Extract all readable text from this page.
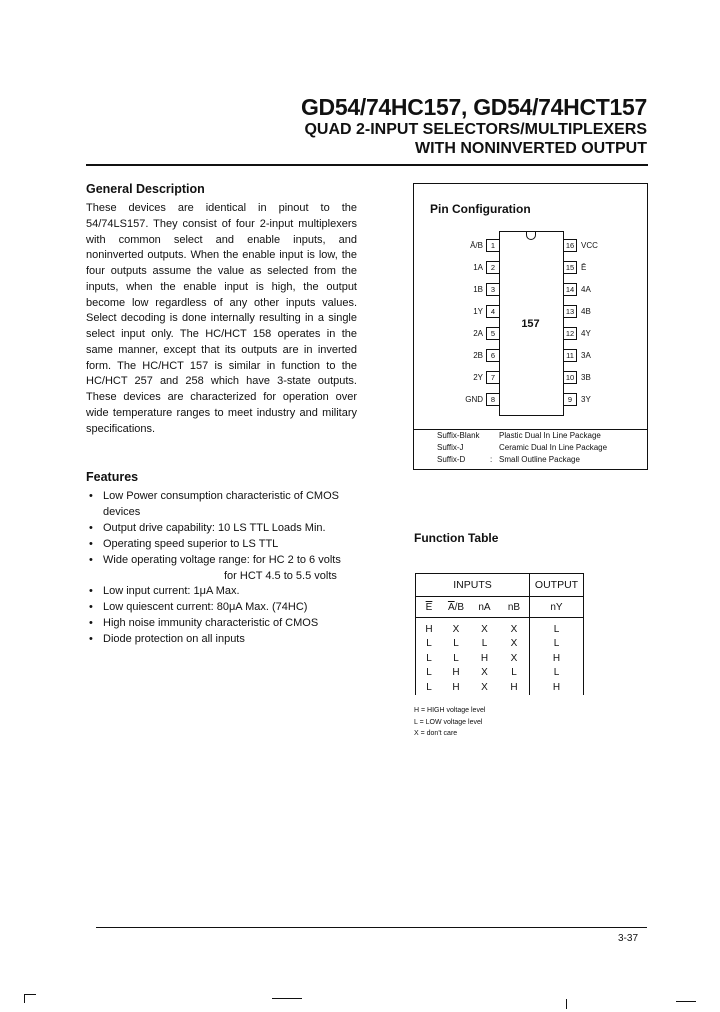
GD54/74HC157, GD54/74HCT157
QUAD 2-INPUT SELECTORS/MULTIPLEXERS
WITH NONINVERTED OUTPUT
General Description
These devices are identical in pinout to the 54/74LS157. They consist of four 2-input multiplexers with common select and enable inputs, and noninverted outputs. When the enable input is low, the four outputs assume the value as selected from the inputs, when the enable input is high, the output become low regardless of any other inputs values. Select decoding is done internally resulting in a single select input only. The HC/HCT 158 operates in the same manner, except that its outputs are in inverted form. The HC/HCT 157 is similar in function to the HC/HCT 257 and 258 which have 3-state outputs. These devices are characterized for operation over wide temperature ranges to meet industry and military specifications.
Features
• Low Power consumption characteristic of CMOS
devices
• Output drive capability: 10 LS TTL Loads Min.
• Operating speed superior to LS TTL
• Wide operating voltage range: for HC 2 to 6 volts
for HCT 4.5 to 5.5 volts
• Low input current: 1μA Max.
• Low quiescent current: 80μA Max. (74HC)
• High noise immunity characteristic of CMOS
• Diode protection on all inputs
Pin Configuration
157
1
Ā/B
2
1A
3
1B
4
1Y
5
2A
6
2B
7
2Y
8
GND
16 VCC
15 Ē
14 4A
13 4B
12 4Y
11 3A
10 3B
9	3Y
Suffix-Blank Plastic Dual In Line Package
Suffix-J	Ceramic Dual In Line Package
Suffix-D	: Small Outline Package
Function Table
INPUTS				OUTPUT
$\overline{E}$	$\overline{A}/B$	nA	nB	nY
H	X	X	X	L
L	L	L	X	L
L	L	H	X	H
L	H	X	L	L
L	H	X	H	H
H = HIGH voltage level
L = LOW voltage level
X = don't care
3-37
